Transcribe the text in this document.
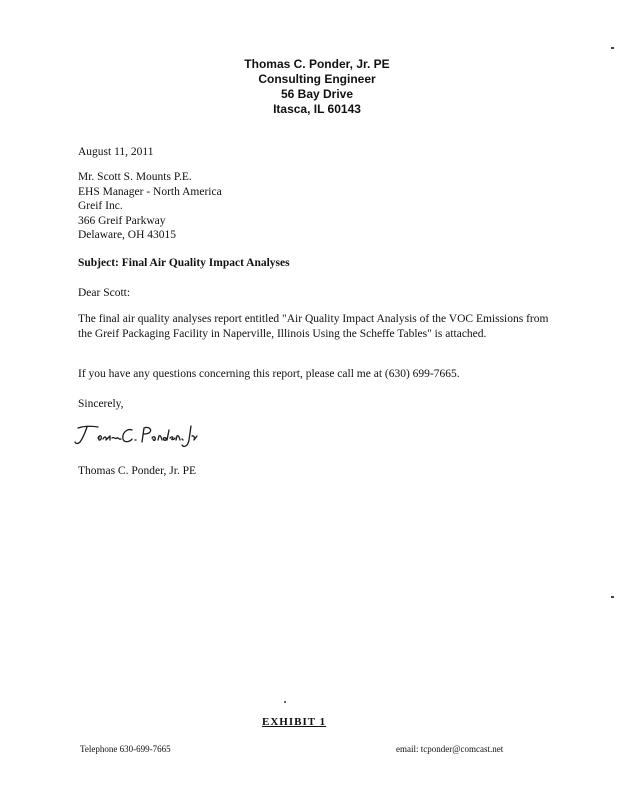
Thomas C. Ponder, Jr. PE
Consulting Engineer
56 Bay Drive
Itasca, IL 60143
August 11, 2011
Mr. Scott S. Mounts P.E.
EHS Manager - North America
Greif Inc.
366 Greif Parkway
Delaware, OH 43015
Subject: Final Air Quality Impact Analyses
Dear Scott:
The final air quality analyses report entitled "Air Quality Impact Analysis of the VOC Emissions from the Greif Packaging Facility in Naperville, Illinois Using the Scheffe Tables" is attached.
If you have any questions concerning this report, please call me at (630) 699-7665.
Sincerely,
Thomas C. Ponder, Jr. PE
EXHIBIT 1
Telephone 630-699-7665	email: tcponder@comcast.net
